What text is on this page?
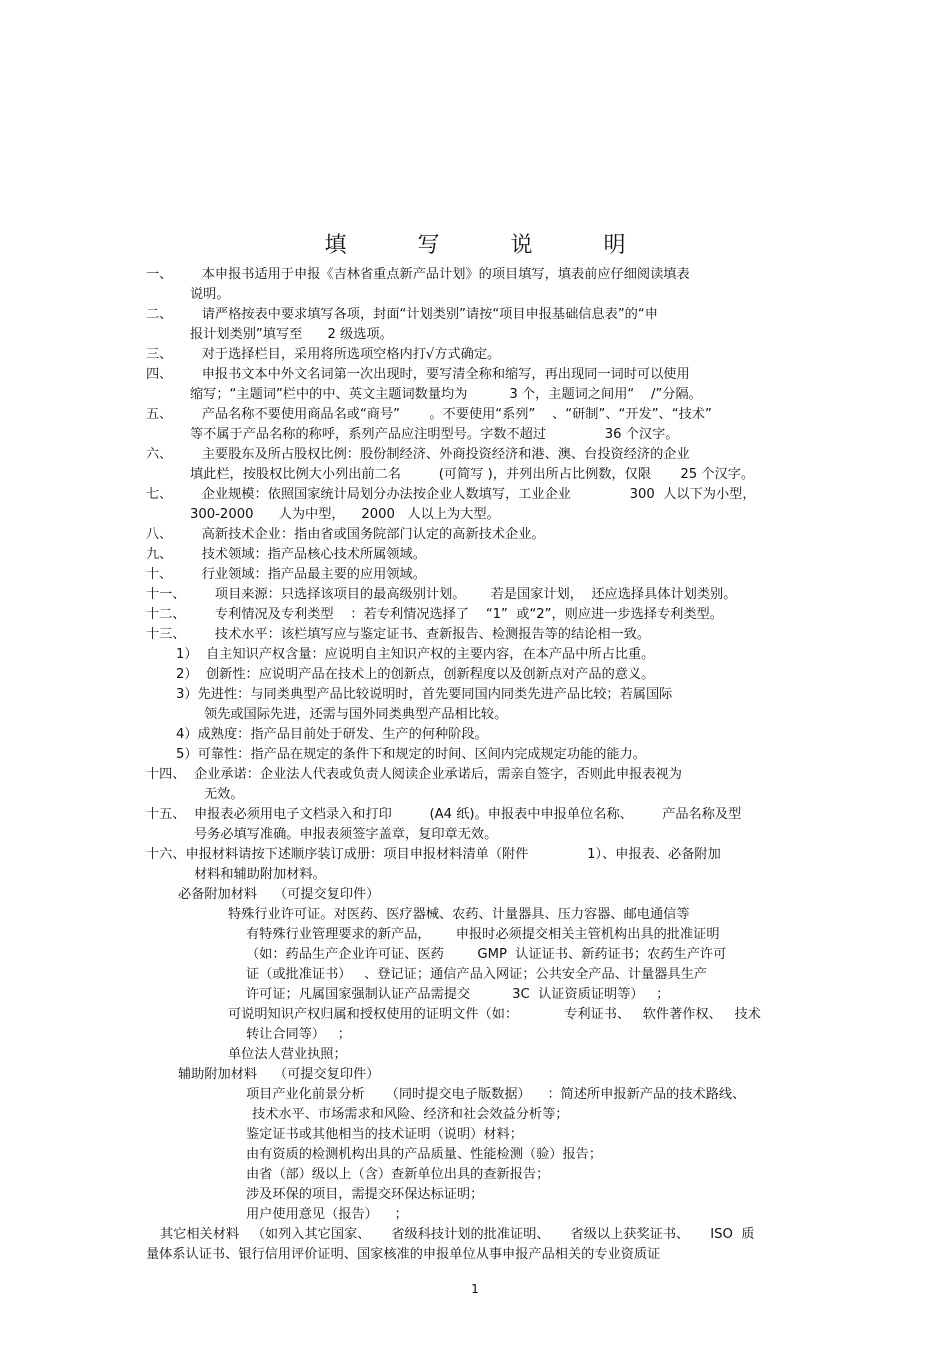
填 写 说 明
一、       本申报书适用于申报《吉林省重点新产品计划》的项目填写，填表前应仔细阅读填表
说明。
二、       请严格按表中要求填写各项，封面“计划类别”请按“项目申报基础信息表”的“申
报计划类别”填写至      2 级选项。
三、       对于选择栏目，采用将所选项空格内打√方式确定。
四、       申报书文本中外文名词第一次出现时，要写清全称和缩写，再出现同一词时可以使用
缩写；“主题词”栏中的中、英文主题词数量均为          3 个，主题词之间用“    /”分隔。
五、       产品名称不要使用商品名或“商号”       。不要使用“系列”    、“研制”、“开发”、“技术”
等不属于产品名称的称呼，系列产品应注明型号。字数不超过              36 个汉字。
六、       主要股东及所占股权比例：股份制经济、外商投资经济和港、澳、台投资经济的企业
填此栏，按股权比例大小列出前二名         (可简写 )，并列出所占比例数，仅限       25 个汉字。
七、       企业规模：依照国家统计局划分办法按企业人数填写，工业企业              300  人以下为小型，
300-2000      人为中型，    2000   人以上为大型。
八、       高新技术企业：指由省或国务院部门认定的高新技术企业。
九、       技术领域：指产品核心技术所属领域。
十、       行业领域：指产品最主要的应用领域。
十一、       项目来源：只选择该项目的最高级别计划。      若是国家计划，  还应选择具体计划类别。
十二、       专利情况及专利类型    ：若专利情况选择了    “1”  或“2”，则应进一步选择专利类型。
十三、       技术水平：该栏填写应与鉴定证书、查新报告、检测报告等的结论相一致。
1）  自主知识产权含量：应说明自主知识产权的主要内容，在本产品中所占比重。
2）  创新性：应说明产品在技术上的创新点，创新程度以及创新点对产品的意义。
3）先进性：与同类典型产品比较说明时，首先要同国内同类先进产品比较；若属国际
领先或国际先进，还需与国外同类典型产品相比较。
4）成熟度：指产品目前处于研发、生产的何种阶段。
5）可靠性：指产品在规定的条件下和规定的时间、区间内完成规定功能的能力。
十四、  企业承诺：企业法人代表或负责人阅读企业承诺后，需亲自签字，否则此申报表视为
无效。
十五、  申报表必须用电子文档录入和打印         (A4 纸)。申报表中申报单位名称、       产品名称及型
号务必填写准确。申报表须签字盖章，复印章无效。
十六、申报材料请按下述顺序装订成册：项目申报材料清单（附件              1）、申报表、必备附加
材料和辅助附加材料。
必备附加材料    （可提交复印件）
特殊行业许可证。对医药、医疗器械、农药、计量器具、压力容器、邮电通信等
有特殊行业管理要求的新产品，      申报时必须提交相关主管机构出具的批准证明
（如：药品生产企业许可证、医药        GMP  认证证书、新药证书；农药生产许可
证（或批准证书）   、登记证；通信产品入网证；公共安全产品、计量器具生产
许可证；凡属国家强制认证产品需提交          3C  认证资质证明等）   ；
可说明知识产权归属和授权使用的证明文件（如：           专利证书、   软件著作权、   技术
转让合同等）   ；
单位法人营业执照；
辅助附加材料    （可提交复印件）
项目产业化前景分析     （同时提交电子版数据）    ：简述所申报新产品的技术路线、
技术水平、市场需求和风险、经济和社会效益分析等；
鉴定证书或其他相当的技术证明（说明）材料；
由有资质的检测机构出具的产品质量、性能检测（验）报告；
由省（部）级以上（含）查新单位出具的查新报告；
涉及环保的项目，需提交环保达标证明；
用户使用意见（报告）    ；
其它相关材料   （如列入其它国家、     省级科技计划的批准证明、     省级以上获奖证书、     ISO  质
量体系认证书、银行信用评价证明、国家核准的申报单位从事申报产品相关的专业资质证
1
